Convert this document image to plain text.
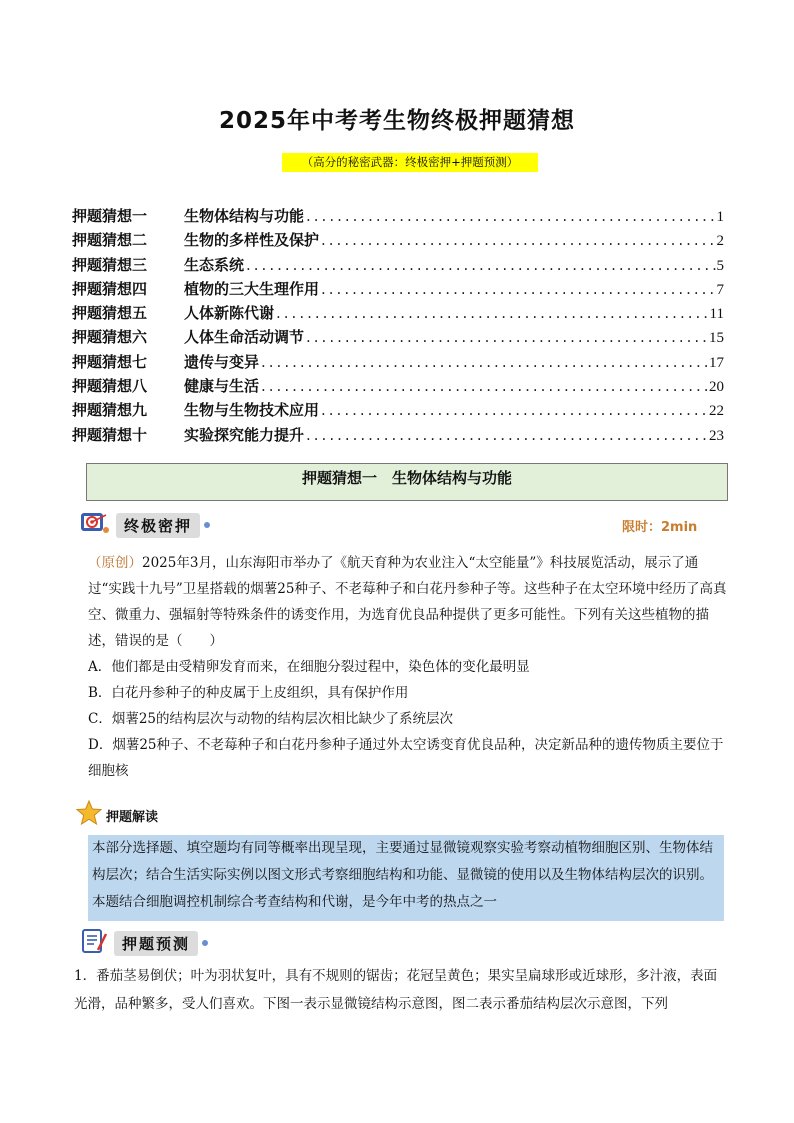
2025年中考考生物终极押题猜想
（高分的秘密武器：终极密押+押题预测）
押题猜想一	生物体结构与功能 .....	1
押题猜想二	生物的多样性及保护 .....	2
押题猜想三	生态系统 .....	5
押题猜想四	植物的三大生理作用 .....	7
押题猜想五	人体新陈代谢 .....	11
押题猜想六	人体生命活动调节 .....	15
押题猜想七	遗传与变异 .....	17
押题猜想八	健康与生活 .....	20
押题猜想九	生物与生物技术应用 .....	22
押题猜想十	实验探究能力提升 .....	23
押题猜想一　生物体结构与功能
终极密押	限时：2min

（原创）2025年3月，山东海阳市举办了《航天育种为农业注入“太空能量”》科技展览活动，展示了通过“实践十九号”卫星搭载的烟薯25种子、不老莓种子和白花丹参种子等。这些种子在太空环境中经历了高真空、微重力、强辐射等特殊条件的诱变作用，为选育优良品种提供了更多可能性。下列有关这些植物的描述，错误的是（　　）

A．他们都是由受精卵发育而来，在细胞分裂过程中，染色体的变化最明显

B．白花丹参种子的种皮属于上皮组织，具有保护作用

C．烟薯25的结构层次与动物的结构层次相比缺少了系统层次

D．烟薯25种子、不老莓种子和白花丹参种子通过外太空诱变育优良品种，决定新品种的遗传物质主要位于细胞核

押题解读
本部分选择题、填空题均有同等概率出现呈现，主要通过显微镜观察实验考察动植物细胞区别、生物体结构层次；结合生活实际实例以图文形式考察细胞结构和功能、显微镜的使用以及生物体结构层次的识别。本题结合细胞调控机制综合考查结构和代谢，是今年中考的热点之一
押题预测

1．番茄茎易倒伏；叶为羽状复叶，具有不规则的锯齿；花冠呈黄色；果实呈扁球形或近球形，多汁液，表面光滑，品种繁多，受人们喜欢。下图一表示显微镜结构示意图，图二表示番茄结构层次示意图，下列
